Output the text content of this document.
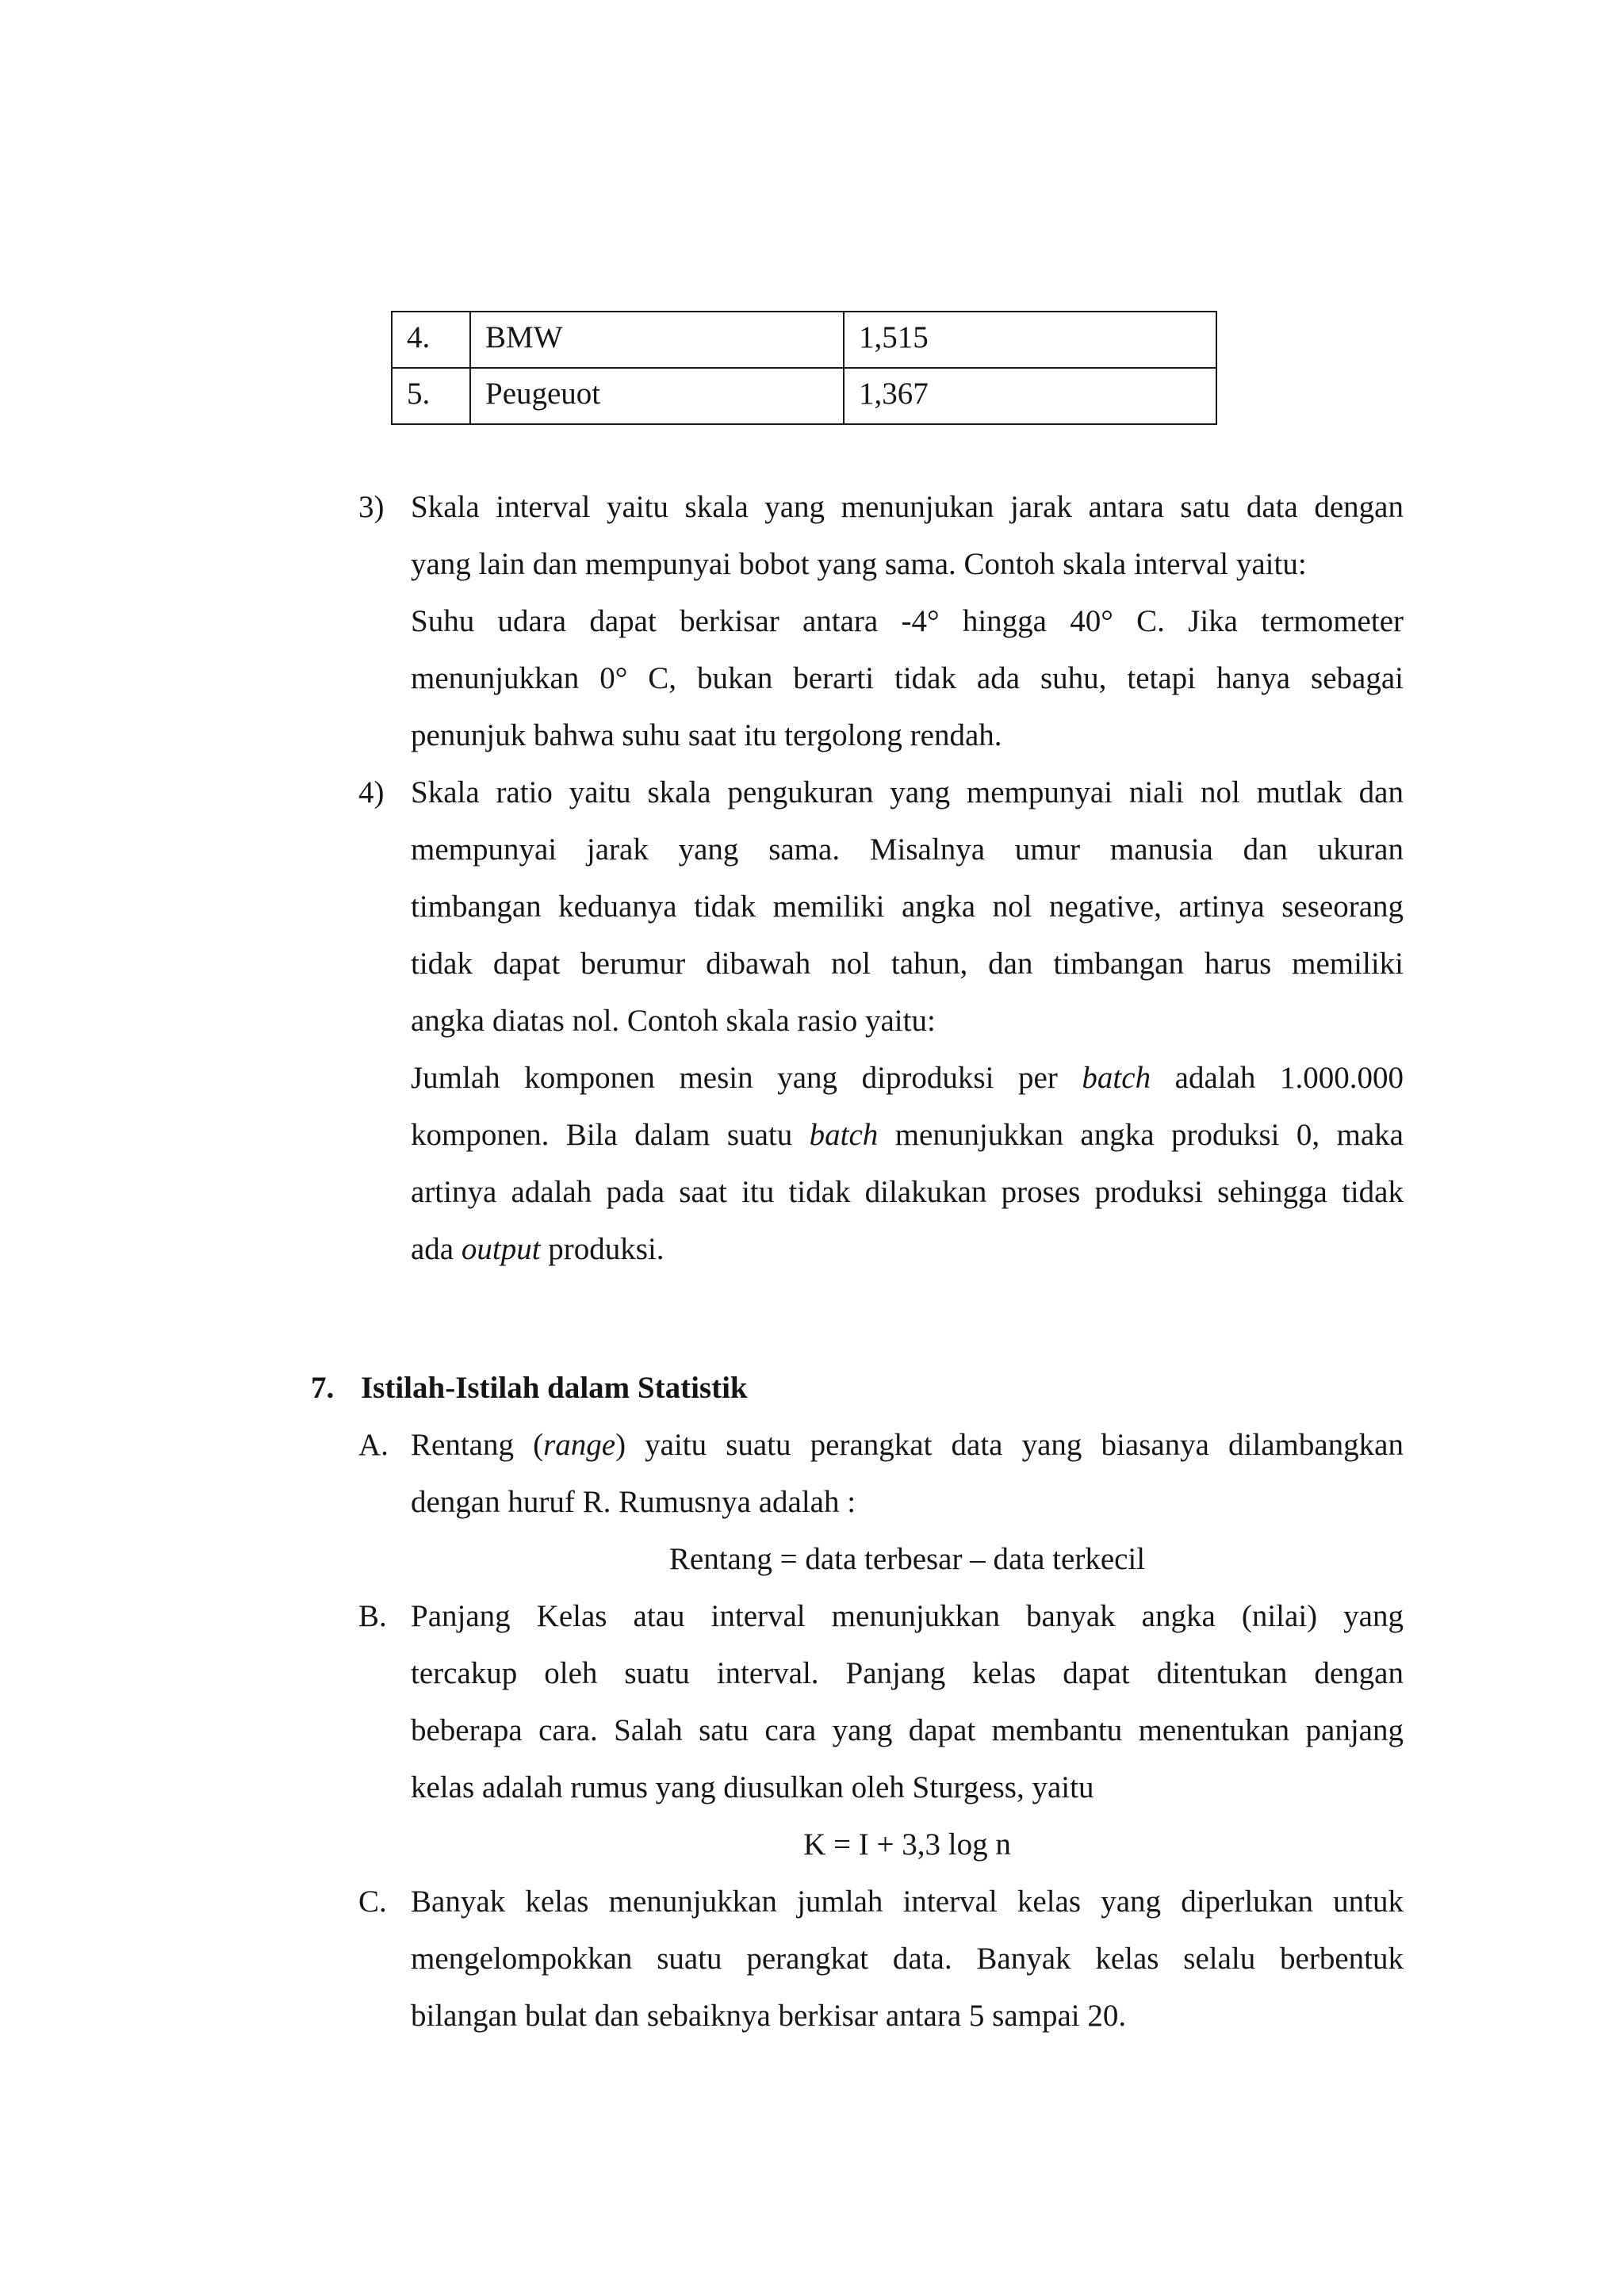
4.	BMW	1,515
5.	Peugeuot	1,367
3) Skala interval yaitu skala yang menunjukan jarak antara satu data dengan
yang lain dan mempunyai bobot yang sama. Contoh skala interval yaitu:
Suhu udara dapat berkisar antara -4° hingga 40° C. Jika termometer
menunjukkan 0° C, bukan berarti tidak ada suhu, tetapi hanya sebagai
penunjuk bahwa suhu saat itu tergolong rendah.
4) Skala ratio yaitu skala pengukuran yang mempunyai niali nol mutlak dan
mempunyai jarak yang sama. Misalnya umur manusia dan ukuran
timbangan keduanya tidak memiliki angka nol negative, artinya seseorang
tidak dapat berumur dibawah nol tahun, dan timbangan harus memiliki
angka diatas nol. Contoh skala rasio yaitu:
Jumlah komponen mesin yang diproduksi per batch adalah 1.000.000
komponen. Bila dalam suatu batch menunjukkan angka produksi 0, maka
artinya adalah pada saat itu tidak dilakukan proses produksi sehingga tidak
ada output produksi.
7. Istilah-Istilah dalam Statistik
A. Rentang (range) yaitu suatu perangkat data yang biasanya dilambangkan
dengan huruf R. Rumusnya adalah :
Rentang = data terbesar – data terkecil
B. Panjang Kelas atau interval menunjukkan banyak angka (nilai) yang
tercakup oleh suatu interval. Panjang kelas dapat ditentukan dengan
beberapa cara. Salah satu cara yang dapat membantu menentukan panjang
kelas adalah rumus yang diusulkan oleh Sturgess, yaitu
K = I + 3,3 log n
C. Banyak kelas menunjukkan jumlah interval kelas yang diperlukan untuk
mengelompokkan suatu perangkat data. Banyak kelas selalu berbentuk
bilangan bulat dan sebaiknya berkisar antara 5 sampai 20.
